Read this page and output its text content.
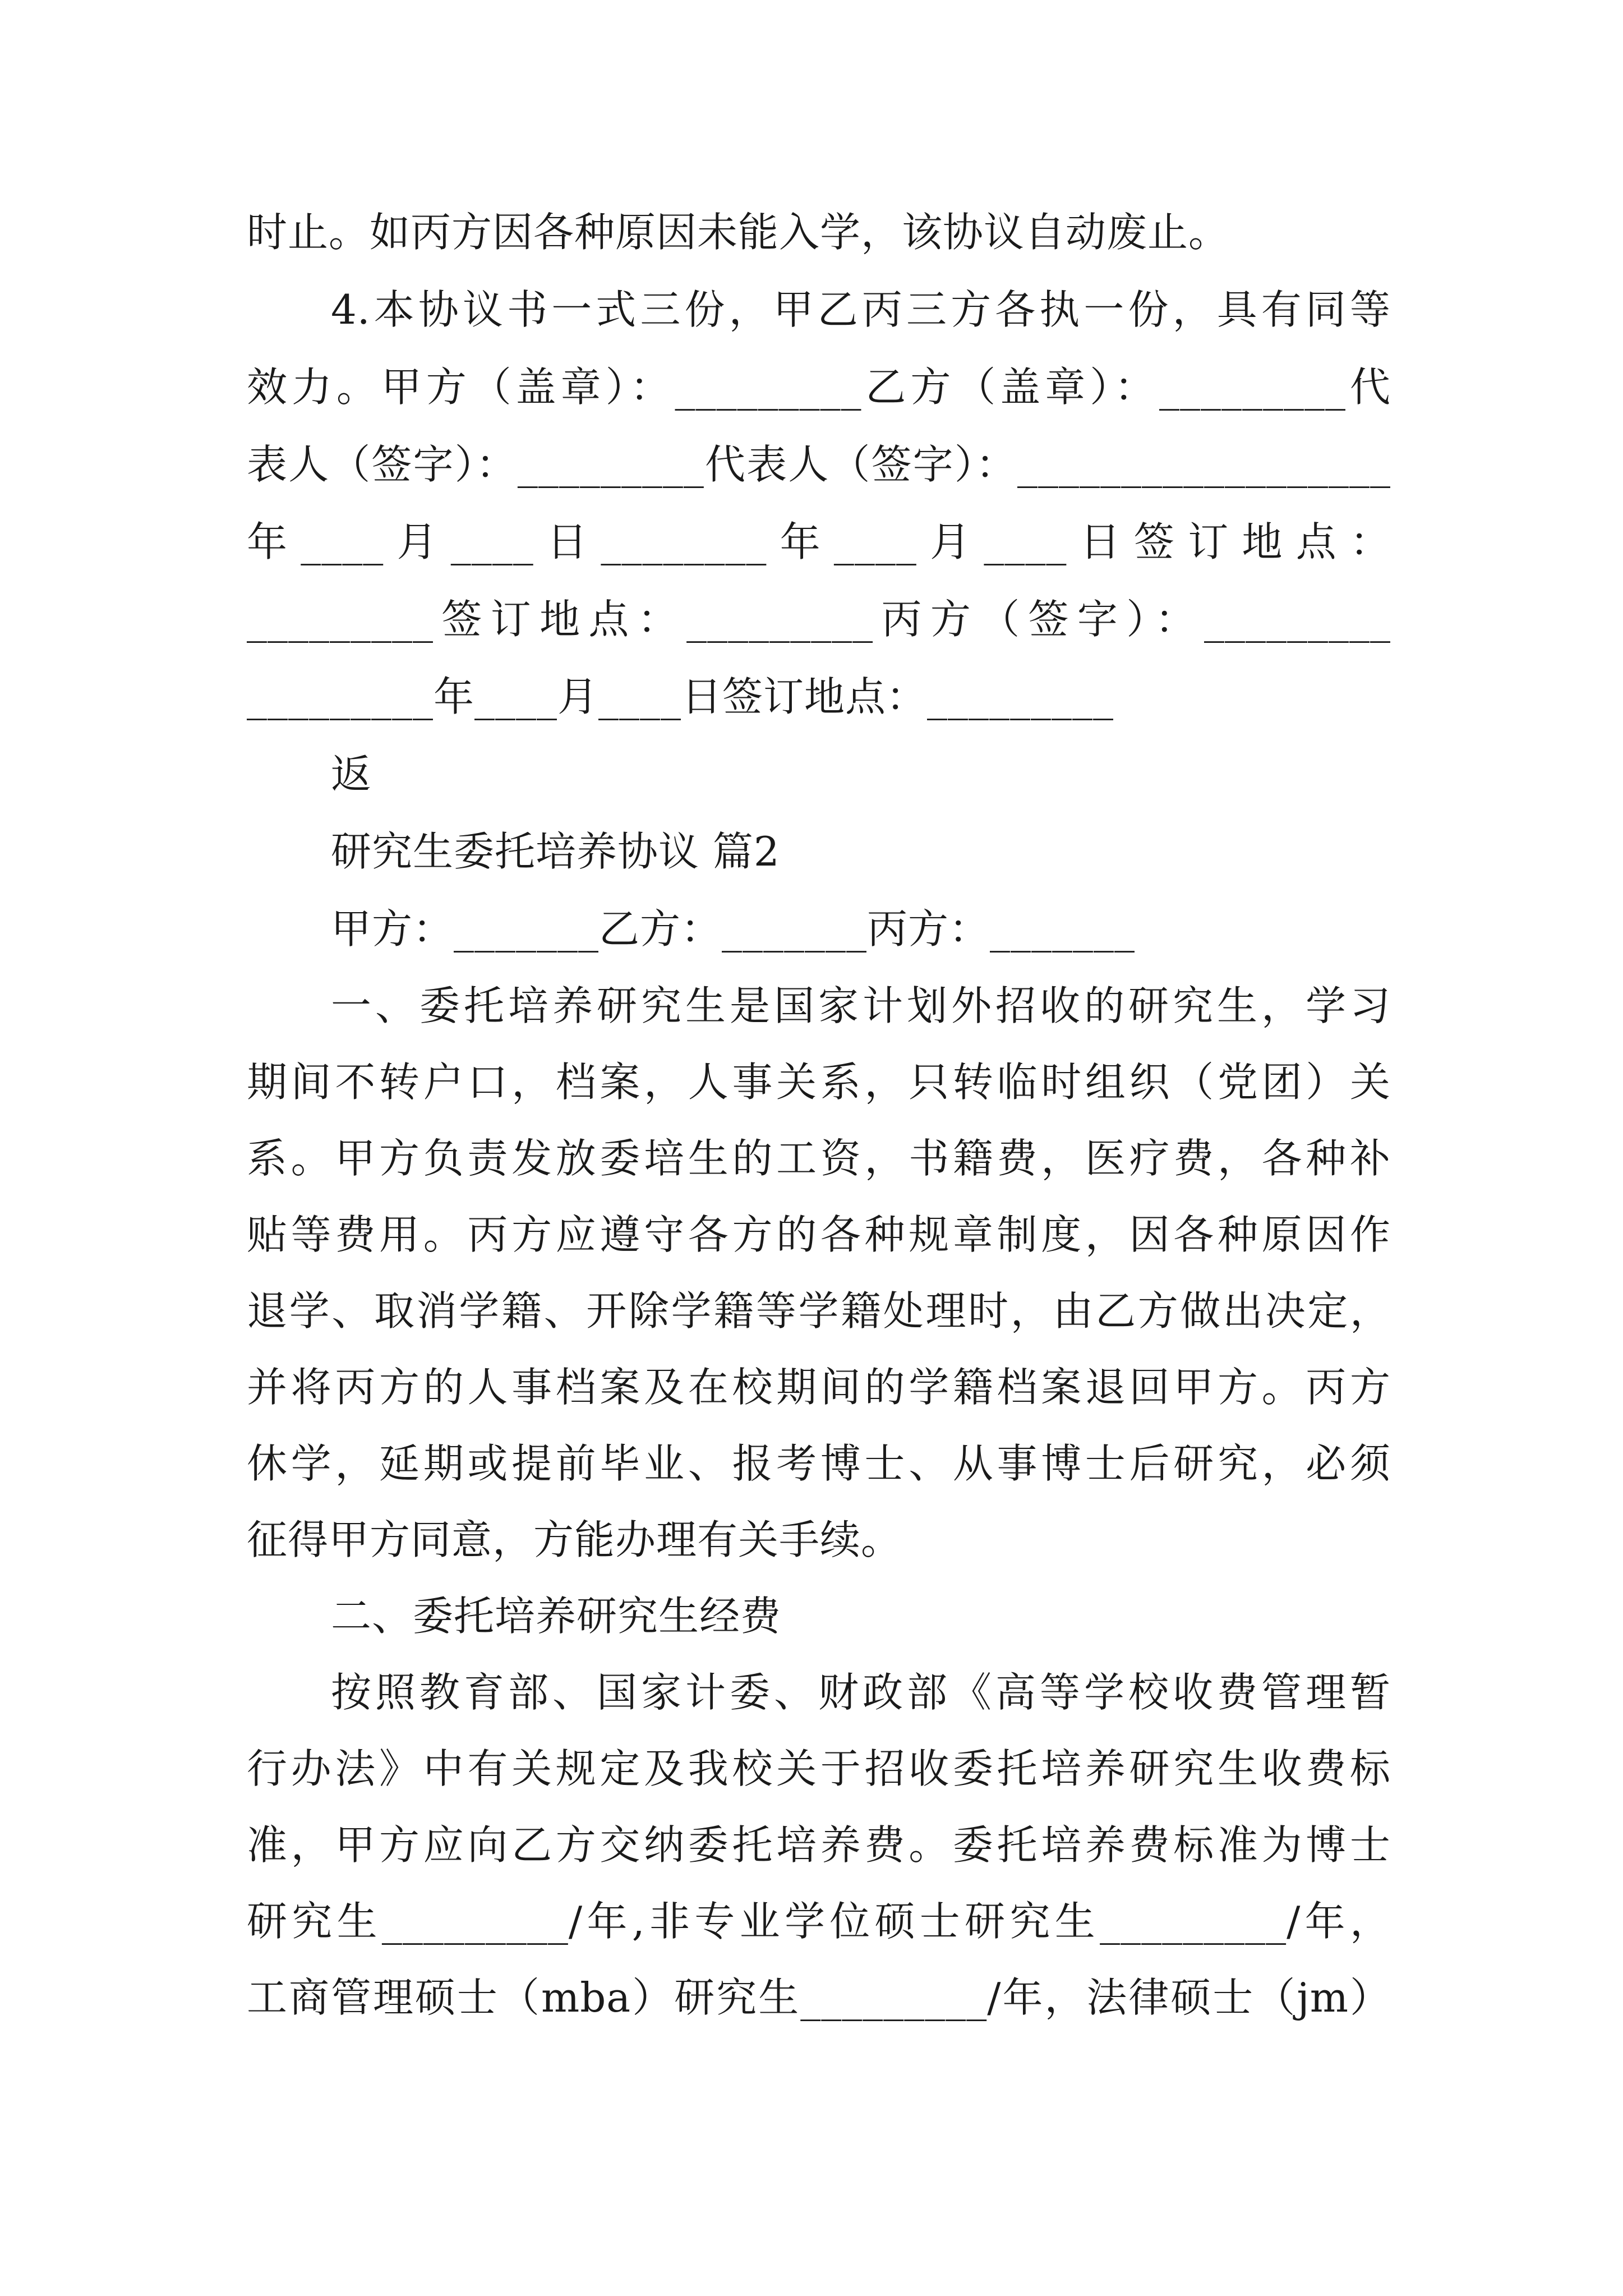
时止。如丙方因各种原因未能入学，该协议自动废止。
4.本协议书一式三份，甲乙丙三方各执一份，具有同等
效力。甲方（盖章）：_________乙方（盖章）：_________代
表人（签字）：_________代表人（签字）：__________________
年____月____日________年____月____日签订地点：
_________签订地点：_________丙方（签字）：_________
_________年____月____日签订地点：_________
返
研究生委托培养协议 篇2
甲方：_______乙方：_______丙方：_______
一、委托培养研究生是国家计划外招收的研究生，学习
期间不转户口，档案，人事关系，只转临时组织（党团）关
系。甲方负责发放委培生的工资，书籍费，医疗费，各种补
贴等费用。丙方应遵守各方的各种规章制度，因各种原因作
退学、取消学籍、开除学籍等学籍处理时，由乙方做出决定，
并将丙方的人事档案及在校期间的学籍档案退回甲方。丙方
休学，延期或提前毕业、报考博士、从事博士后研究，必须
征得甲方同意，方能办理有关手续。
二、委托培养研究生经费
按照教育部、国家计委、财政部《高等学校收费管理暂
行办法》中有关规定及我校关于招收委托培养研究生收费标
准，甲方应向乙方交纳委托培养费。委托培养费标准为博士
研究生_________/年,非专业学位硕士研究生_________/年，
工商管理硕士（mba）研究生_________/年，法律硕士（jm）
